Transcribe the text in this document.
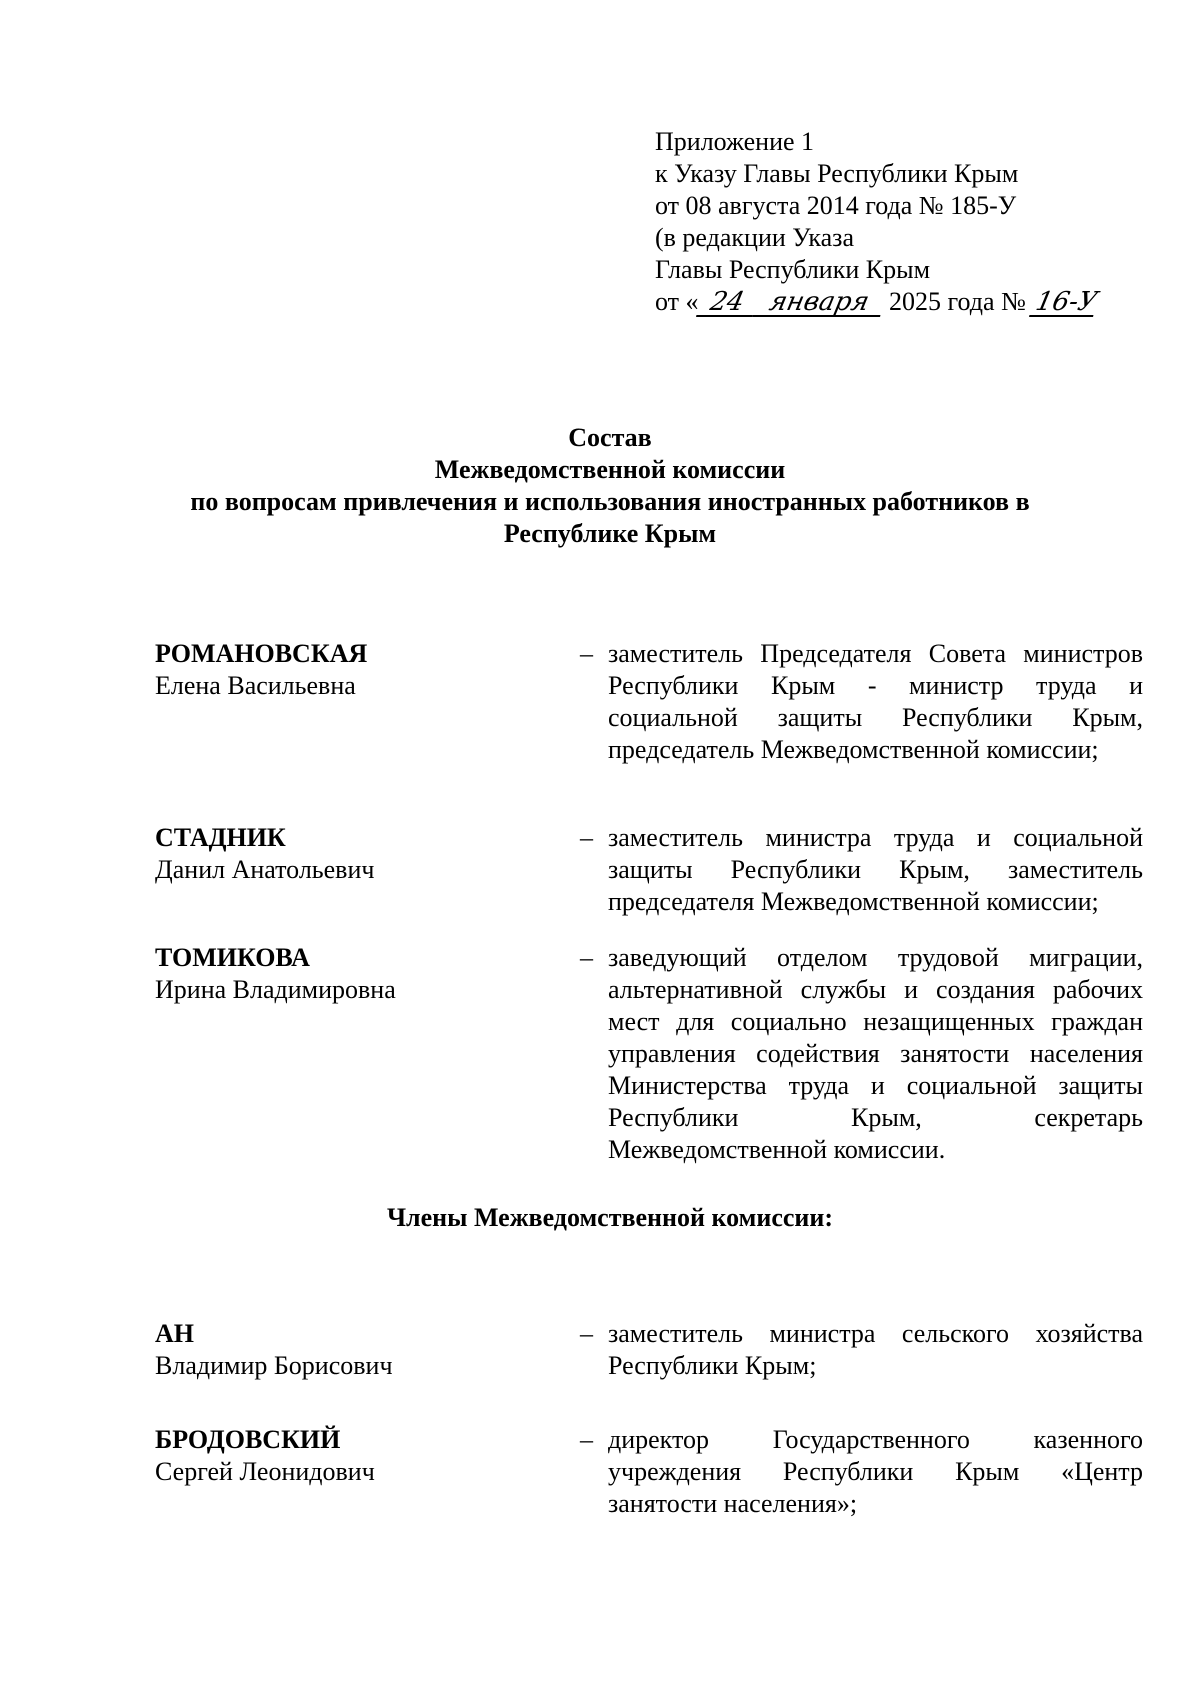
Приложение 1
к Указу Главы Республики Крым
от 08 августа 2014 года № 185-У
(в редакции Указа
Главы Республики Крым
от « 24 января 2025 года № 16-У
Состав
Межведомственной комиссии
по вопросам привлечения и использования иностранных работников в
Республике Крым
РОМАНОВСКАЯ
Елена Васильевна
– заместитель Председателя Совета министров Республики Крым - министр труда и социальной защиты Республики Крым, председатель Межведомственной комиссии;
СТАДНИК
Данил Анатольевич
– заместитель министра труда и социальной защиты Республики Крым, заместитель председателя Межведомственной комиссии;
ТОМИКОВА
Ирина Владимировна
– заведующий отделом трудовой миграции, альтернативной службы и создания рабочих мест для социально незащищенных граждан управления содействия занятости населения Министерства труда и социальной защиты Республики Крым, секретарь Межведомственной комиссии.
Члены Межведомственной комиссии:
АН
Владимир Борисович
– заместитель министра сельского хозяйства Республики Крым;
БРОДОВСКИЙ
Сергей Леонидович
– директор Государственного казенного учреждения Республики Крым «Центр занятости населения»;
